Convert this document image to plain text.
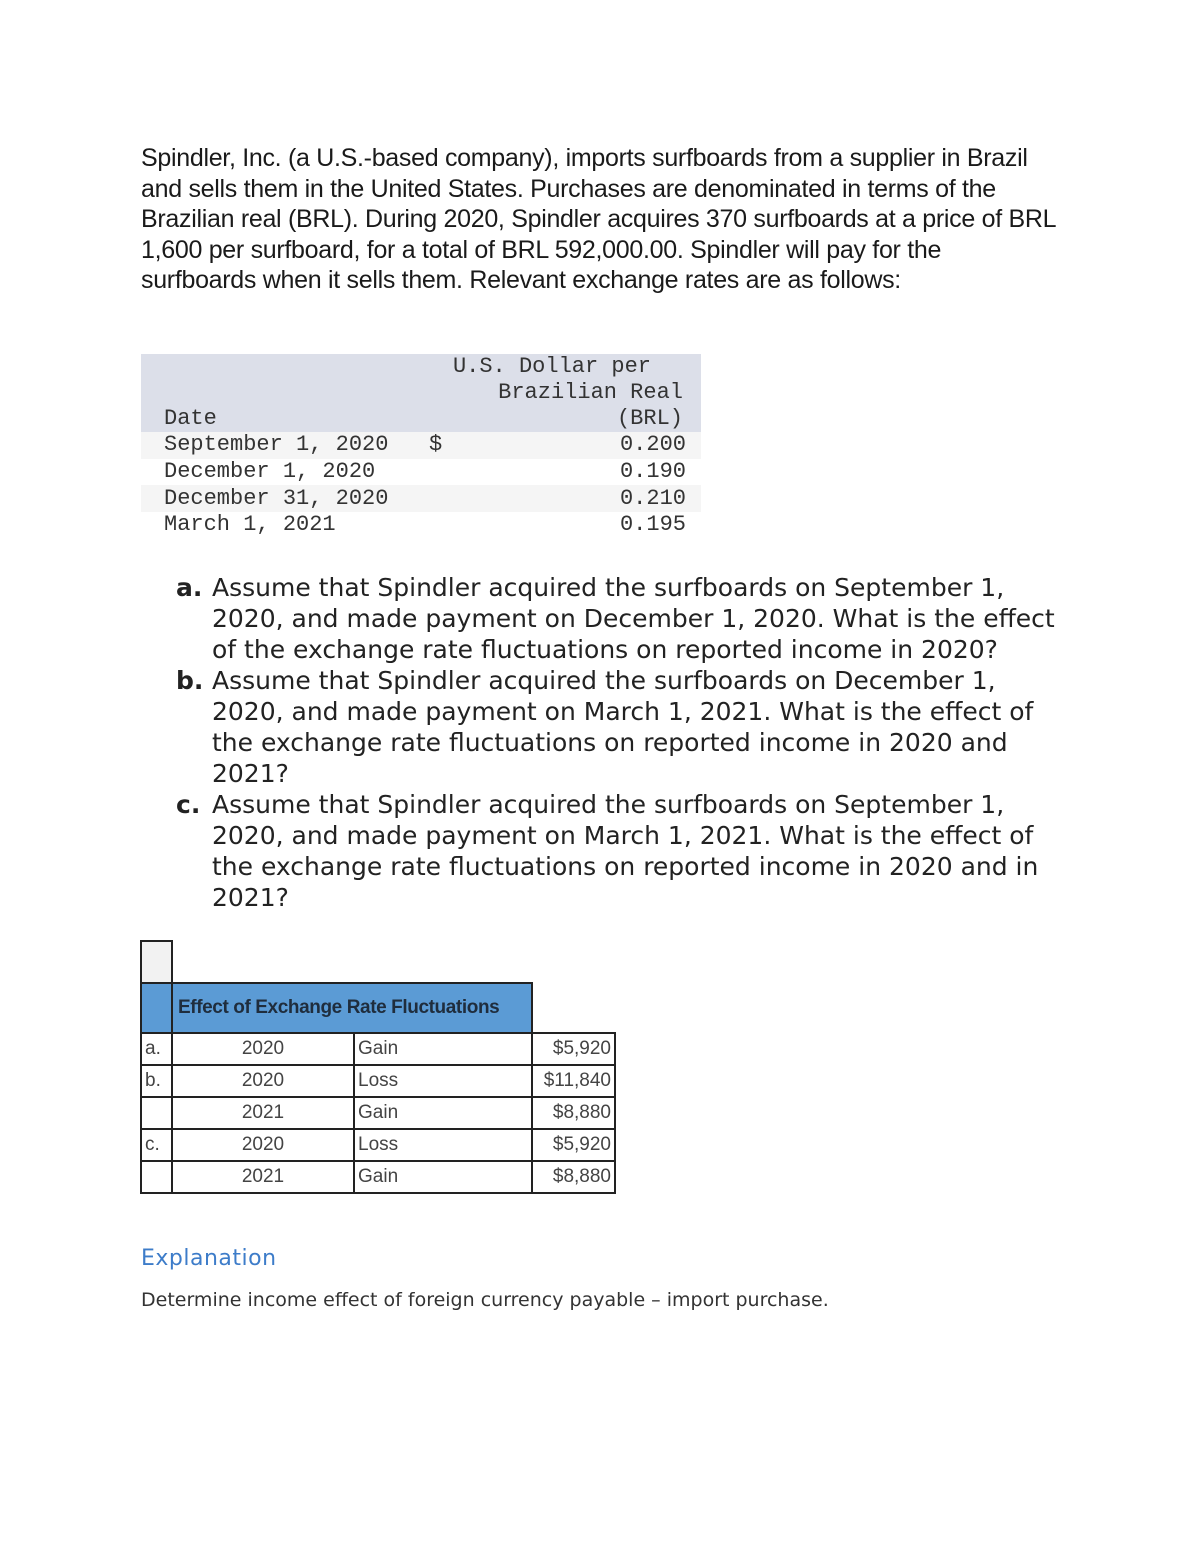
Spindler, Inc. (a U.S.-based company), imports surfboards from a supplier in Brazil and sells them in the United States. Purchases are denominated in terms of the Brazilian real (BRL). During 2020, Spindler acquires 370 surfboards at a price of BRL 1,600 per surfboard, for a total of BRL 592,000.00. Spindler will pay for the surfboards when it sells them. Relevant exchange rates are as follows:

Date	U.S. Dollar per
Brazilian Real (BRL)	

September 1, 2020	$	0.200
December 1, 2020		0.190
December 31, 2020		0.210
March 1, 2021		0.195
a. Assume that Spindler acquired the surfboards on September 1, 2020, and made payment on December 1, 2020. What is the effect of the exchange rate fluctuations on reported income in 2020?
b. Assume that Spindler acquired the surfboards on December 1, 2020, and made payment on March 1, 2021. What is the effect of the exchange rate fluctuations on reported income in 2020 and 2021?
c. Assume that Spindler acquired the surfboards on September 1, 2020, and made payment on March 1, 2021. What is the effect of the exchange rate fluctuations on reported income in 2020 and in 2021?

	Effect of Exchange Rate Fluctuations		
a.	2020	Gain	$5,920
b.	2020	Loss	$11,840
	2021	Gain	$8,880
c.	2020	Loss	$5,920
	2021	Gain	$8,880
Explanation

Determine income effect of foreign currency payable – import purchase.
